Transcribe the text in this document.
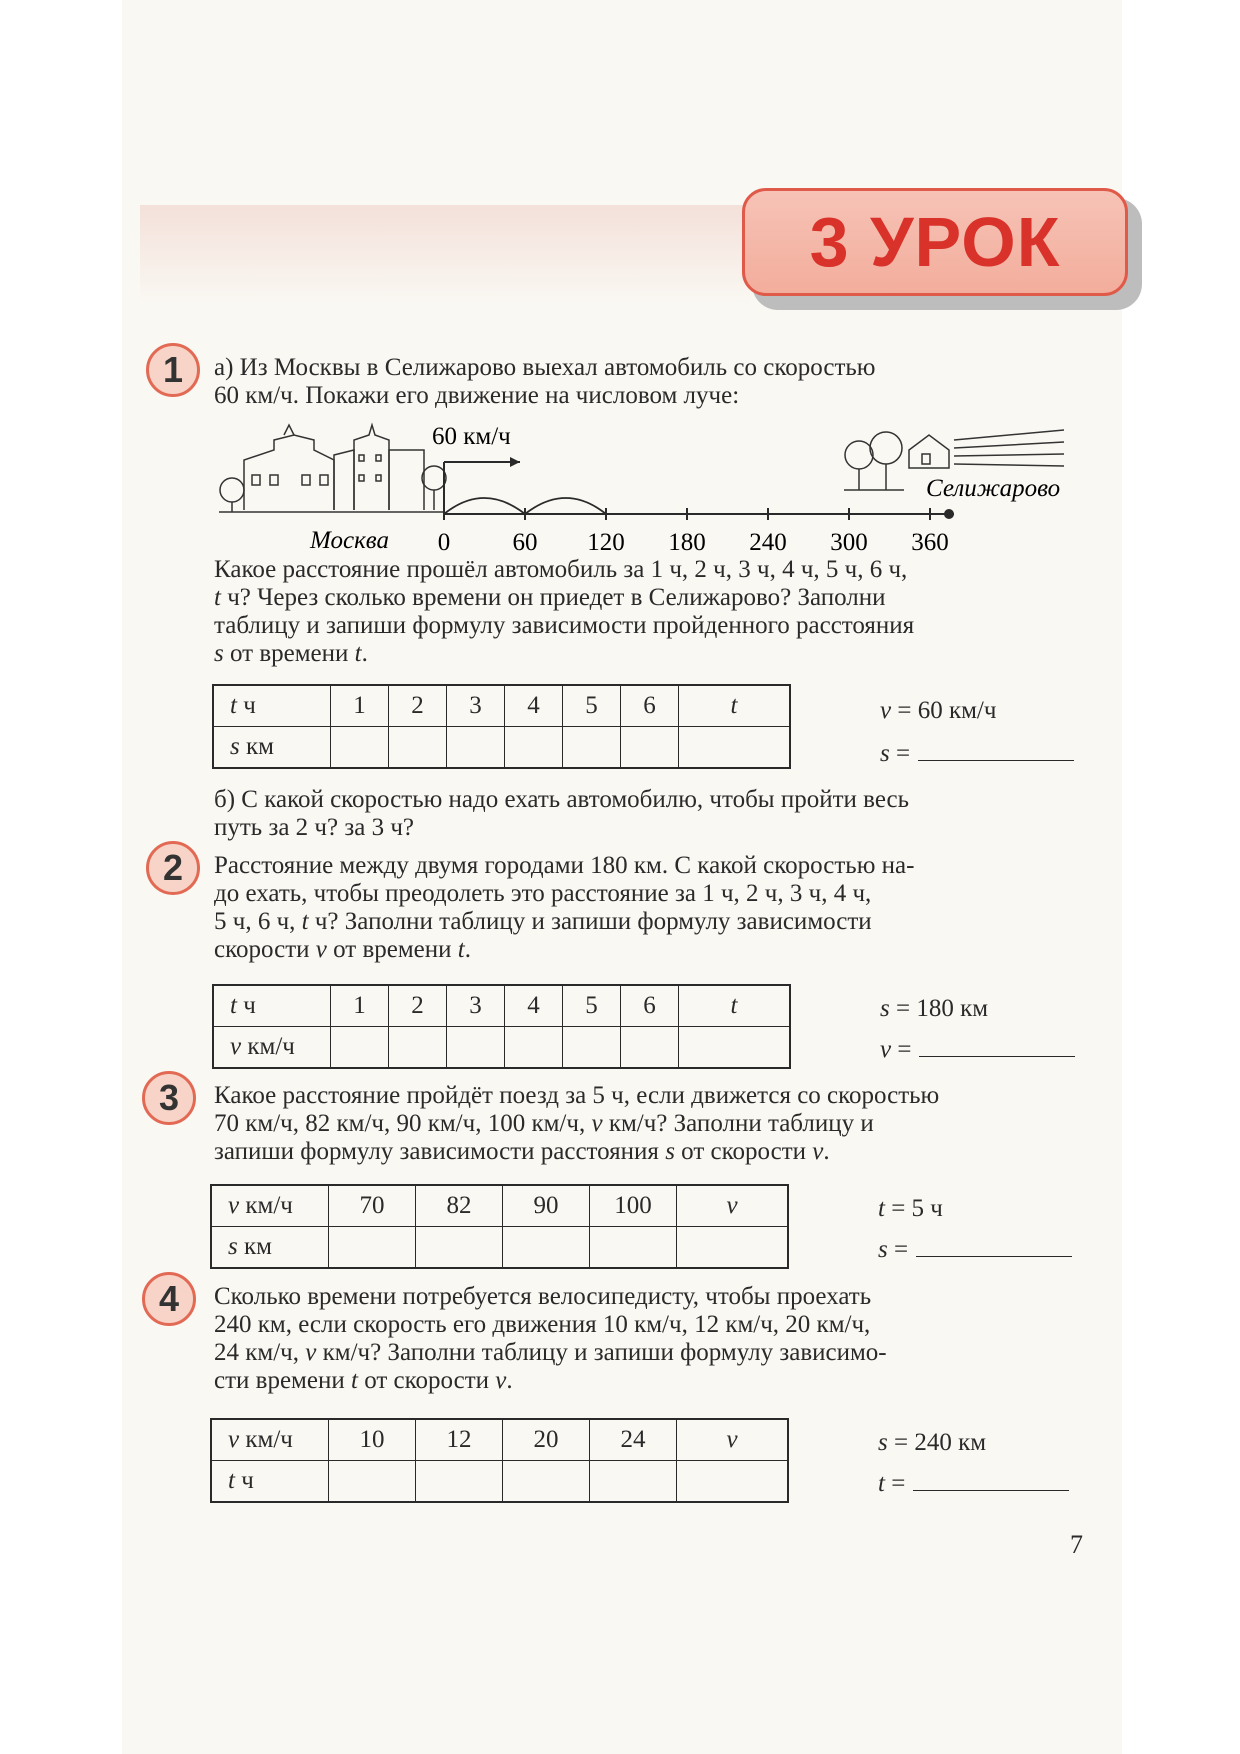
3 УРОК
1	а) Из Москвы в Селижарово выехал автомобиль со скоростью
60 км/ч. Покажи его движение на числовом луче:
Москва
60 км/ч
0 60 120 180 240 300 360
Селижарово
Какое расстояние прошёл автомобиль за 1 ч, 2 ч, 3 ч, 4 ч, 5 ч, 6 ч,
t ч? Через сколько времени он приедет в Селижарово? Заполни
таблицу и запиши формулу зависимости пройденного расстояния
s от времени t.
t ч	1	2	3	4	5	6	t
s км							
v = 60 км/ч
s =
б) С какой скоростью надо ехать автомобилю, чтобы пройти весь
путь за 2 ч? за 3 ч?
2	Расстояние между двумя городами 180 км. С какой скоростью на-
до ехать, чтобы преодолеть это расстояние за 1 ч, 2 ч, 3 ч, 4 ч,
5 ч, 6 ч, t ч? Заполни таблицу и запиши формулу зависимости
скорости v от времени t.
t ч	1	2	3	4	5	6	t
v км/ч							
s = 180 км
v =
3	Какое расстояние пройдёт поезд за 5 ч, если движется со скоростью
70 км/ч, 82 км/ч, 90 км/ч, 100 км/ч, v км/ч? Заполни таблицу и
запиши формулу зависимости расстояния s от скорости v.
v км/ч	70	82	90	100	v
s км					
t = 5 ч
s =
4	Сколько времени потребуется велосипедисту, чтобы проехать
240 км, если скорость его движения 10 км/ч, 12 км/ч, 20 км/ч,
24 км/ч, v км/ч? Заполни таблицу и запиши формулу зависимо-
сти времени t от скорости v.
v км/ч	10	12	20	24	v
t ч					
s = 240 км
t =
7
